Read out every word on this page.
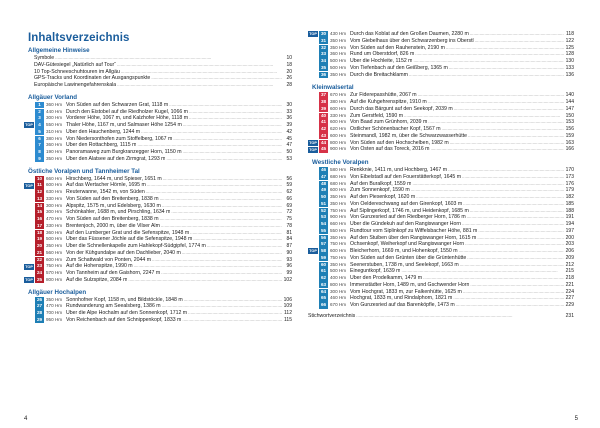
Inhaltsverzeichnis
Allgemeine Hinweise
Symbole .....	10
DAV-Gütesiegel „Natürlich auf Tour“ .....	18
10 Top-Schneeschuhtouren im Allgäu .....	20
GPS-Tracks und Koordinaten der Ausgangspunkte .....	26
Europäische Lawinengefahrenskala .....	28
Allgäuer Vorland
1	360 Hm Von Süden auf den Schwarzen Grat, 1118 m .....	30
2	440 Hm Durch den Eistobel auf die Riedholzer Kugel, 1066 m .....	33
3	300 Hm Vorderer Höhe, 1067 m, und Kalzhofer Höhe, 1118 m .....	36
TOP	4	550 Hm Thaler Höhe, 1167 m, und Salmaser Höhe 1254 m .....	39
5	310 Hm Über den Hauchenberg, 1244 m .....	42
6	380 Hm Von Niedersonthofen zum Stoffelberg, 1067 m .....	45
7	360 Hm Über den Rottachberg, 1115 m .....	47
8	190 Hm Panoramaweg zum Burgkranzegger Horn, 1150 m .....	50
9	350 Hm Über den Alatsee auf den Zirmgrat, 1293 m .....	53
Östliche Voralpen und Tannheimer Tal
10 660 Hm Hirschberg, 1644 m, und Spieser, 1651 m .....	56
TOP 11 600 Hm Auf das Wertacher Hörnle, 1695 m .....	59
12 630 Hm Reuterwanne, 1542 m, von Süden .....	62
13 330 Hm Von Süden auf den Breitenberg, 1838 m .....	66
14 300 Hm Alpspitz, 1575 m, und Edelsberg, 1630 m .....	69
15 300 Hm Schönkahler, 1688 m, und Pirschling, 1634 m .....	72
16 470 Hm Von Süden auf den Breitenberg, 1838 m .....	75
17 330 Hm Brentenjoch, 2000 m, über die Vilser Alm .....	78
18 360 Hm Auf den Lumberger Grat und die Sefenspitze, 1948 m .....	81
19 500 Hm Über das Füssener Jöchle auf die Sefenspitze, 1948 m .....	84
20 350 Hm Über die Schnellenkapelle zum Hahlekopf-Südgipfel, 1774 m .....	87
21 560 Hm Von der Kühgundalpe auf den Dachlieber, 2040 m .....	90
22 600 Hm Zum Schattwald von Ponten, 2044 m .....	93
TOP 23 750 Hm Auf die Hohenspitze, 1990 m .....	96
24 570 Hm Von Tannheim auf den Gaishorn, 2247 m .....	99
TOP 25 800 Hm Auf die Sulzspitze, 2084 m .....	102
Allgäuer Hochalpen
26 350 Hm Sonnhofner Kopf, 1158 m, und Bildstöckle, 1848 m .....	106
27 470 Hm Rundwanderung am Seealsberg, 1386 m .....	109
28 700 Hm Über die Alpe Hochalm auf den Sonnenkopf, 1712 m .....	112
29 950 Hm Von Reichenbach auf den Schnippenkopf, 1833 m .....	115
4
TOP 30 430 Hm Durch das Koblat auf den Großen Daumen, 2280 m .....	118
31 350 Hm Vom Giebelhaus über den Schwarzenberg ins Oberstl .....	122
32 350 Hm Von Süden auf den Rauhenstein, 2190 m .....	125
33 360 Hm Rund um Oberstdorf, 826 m .....	128
34 500 Hm Über die Hochleite, 1152 m .....	130
35 500 Hm Von Tiefenbach auf den Geißberg, 1365 m .....	133
36 350 Hm Durch die Breitachklamm .....	136
Kleinwalsertal
37 670 Hm Zur Fiderepasshütte, 2067 m .....	140
38 380 Hm Auf die Kuhgehrenspitze, 1910 m .....	144
39 600 Hm Durch das Bärgunt auf den Seekopf, 2039 m .....	147
40 330 Hm Zum Gerstfeld, 1590 m .....	150
41 600 Hm Von Baad zum Grünhorn, 2039 m .....	153
42 620 Hm Östlicher Schönenbacher Kopf, 1567 m .....	156
43 600 Hm Steinmandl, 1982 m, über die Schwarzwasserhütte .....	159
TOP 44 800 Hm Von Süden auf den Hochschelben, 1982 m .....	163
TOP 45 900 Hm Von Osten auf das Toreck, 2016 m .....	166
Westliche Voralpen
46 580 Hm Renkknie, 1411 m, und Hochberg, 1467 m .....	170
47 680 Hm Von Eibelstadl auf den Fouerstätterkopf, 1645 m .....	173
48 680 Hm Auf den Buralkopf, 1559 m .....	176
49 600 Hm Zum Sonnenkopf, 1590 m .....	179
50 350 Hm Auf den Piesenkopf, 1620 m .....	182
51 350 Hm Von Oeldereschwang auf den Girenkopf, 1603 m .....	185
52 750 Hm Auf Siplingerkopf, 1746 m, und Heidenkopf, 1685 m .....	188
53 900 Hm Von Gunzesried auf den Riedberger Horn, 1786 m .....	191
54 660 Hm Über die Gündekuh auf den Rangiswanger Horn .....	194
55 550 Hm Rundtour vom Siplinkopf zu Wiffelsbacher Höhe, 881 m .....	197
56 350 Hm Auf den Stuiben über den Rangiswanger Horn, 1615 m .....	200
57 750 Hm Ochsenkopf, Weiherkopf und Rangiswanger Horn .....	203
TOP 58 600 Hm Bleicherhorn, 1669 m, und Hohenkopf, 1550 m .....	206
59 750 Hm Von Süden auf den Grünten über die Grüntenhütte .....	209
60 350 Hm Seenerstuben, 1738 m, und Seelekopf, 1663 m .....	212
61 500 Hm Eineguntkopf, 1639 m .....	215
62 400 Hm Über den Prodelkamm, 1479 m .....	218
63 800 Hm Immenstädter Horn, 1489 m, und Gschwender Horn .....	221
64 300 Hm Vom Hochgrat, 1833 m, zur Falkenhütte, 1625 m .....	224
65 460 Hm Hochgrat, 1833 m, und Rindalphorn, 1821 m .....	227
66 670 Hm Von Gunzesried auf das Barenköpfle, 1473 m .....	229
Stichwortverzeichnis .....	231
5
